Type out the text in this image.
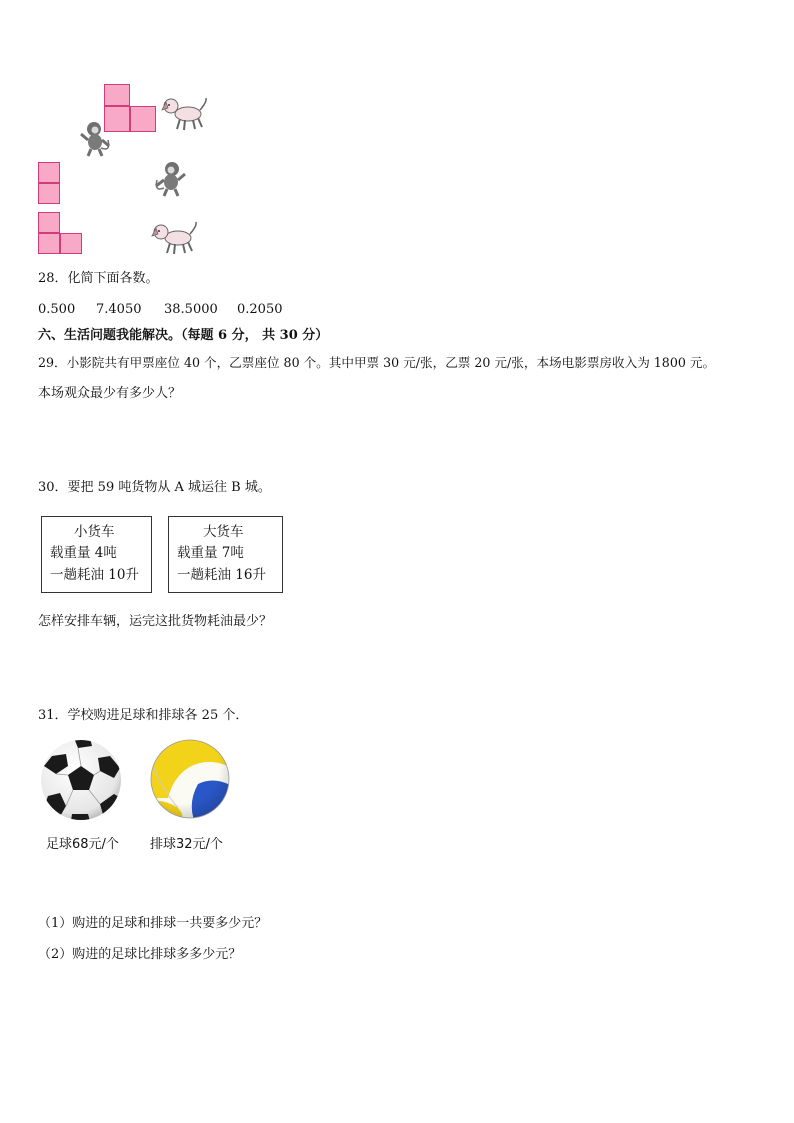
28．化简下面各数。
0.500 7.4050 38.5000 0.2050
六、生活问题我能解决。（每题 6 分， 共 30 分）
29．小影院共有甲票座位 40 个，乙票座位 80 个。其中甲票 30 元/张，乙票 20 元/张，本场电影票房收入为 1800 元。
本场观众最少有多少人？
30．要把 59 吨货物从 A 城运往 B 城。
小货车
载重量 4吨
一趟耗油 10升
大货车
载重量 7吨
一趟耗油 16升
怎样安排车辆，运完这批货物耗油最少？
31．学校购进足球和排球各 25 个．
足球68元/个 排球32元/个
（1）购进的足球和排球一共要多少元？
（2）购进的足球比排球多多少元？
